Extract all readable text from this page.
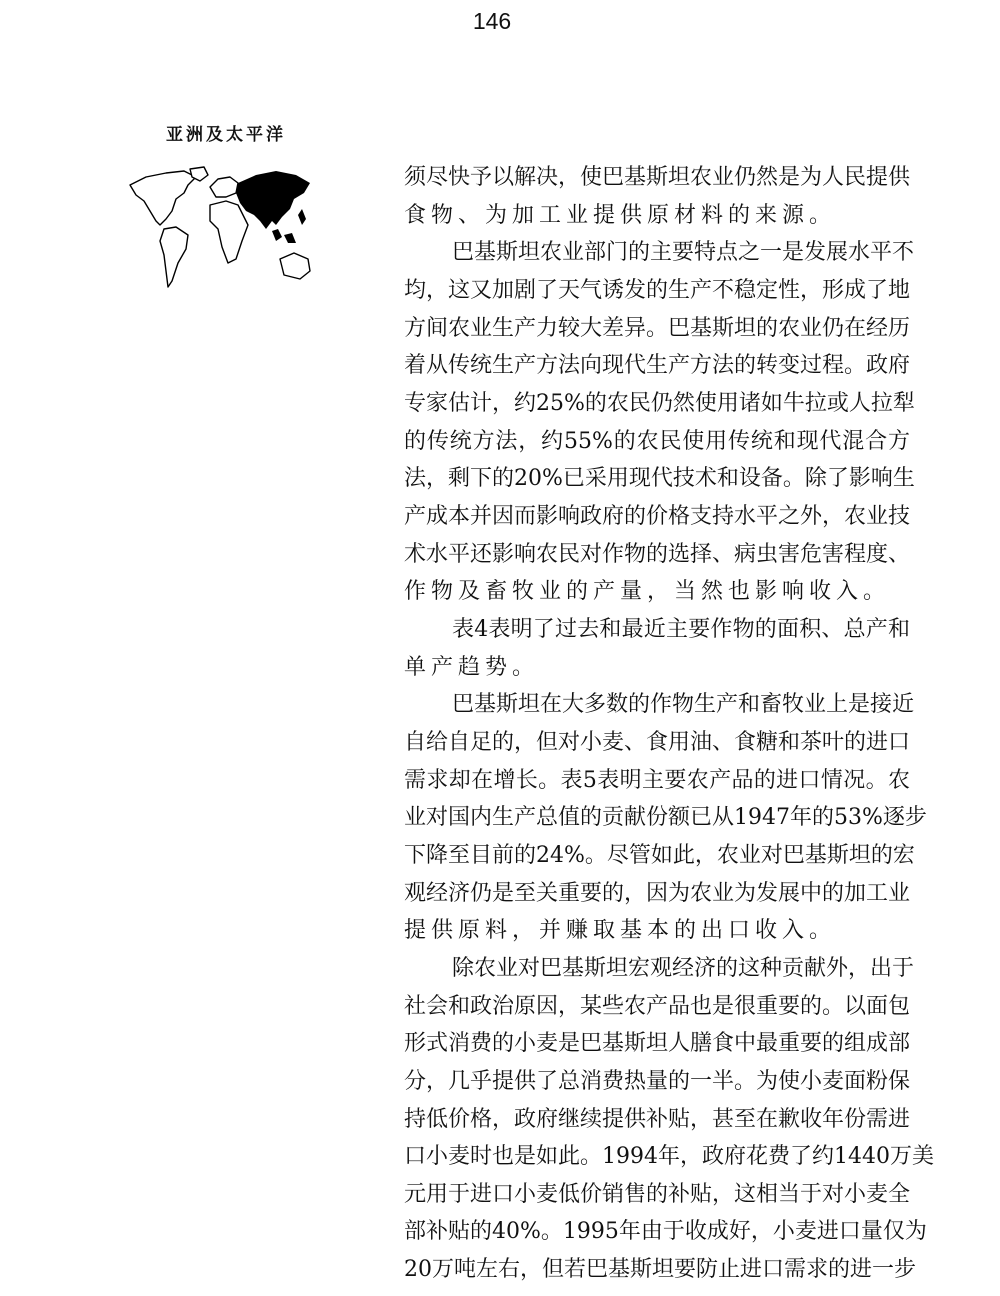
146
亚洲及太平洋
须尽快予以解决，使巴基斯坦农业仍然是为人民提供
食物、为加工业提供原材料的来源。
巴基斯坦农业部门的主要特点之一是发展水平不
均，这又加剧了天气诱发的生产不稳定性，形成了地
方间农业生产力较大差异。巴基斯坦的农业仍在经历
着从传统生产方法向现代生产方法的转变过程。政府
专家估计，约25%的农民仍然使用诸如牛拉或人拉犁
的传统方法，约55%的农民使用传统和现代混合方
法，剩下的20%已采用现代技术和设备。除了影响生
产成本并因而影响政府的价格支持水平之外，农业技
术水平还影响农民对作物的选择、病虫害危害程度、
作物及畜牧业的产量，当然也影响收入。
表4表明了过去和最近主要作物的面积、总产和
单产趋势。
巴基斯坦在大多数的作物生产和畜牧业上是接近
自给自足的，但对小麦、食用油、食糖和茶叶的进口
需求却在增长。表5表明主要农产品的进口情况。农
业对国内生产总值的贡献份额已从1947年的53%逐步
下降至目前的24%。尽管如此，农业对巴基斯坦的宏
观经济仍是至关重要的，因为农业为发展中的加工业
提供原料，并赚取基本的出口收入。
除农业对巴基斯坦宏观经济的这种贡献外，出于
社会和政治原因，某些农产品也是很重要的。以面包
形式消费的小麦是巴基斯坦人膳食中最重要的组成部
分，几乎提供了总消费热量的一半。为使小麦面粉保
持低价格，政府继续提供补贴，甚至在歉收年份需进
口小麦时也是如此。1994年，政府花费了约1440万美
元用于进口小麦低价销售的补贴，这相当于对小麦全
部补贴的40%。1995年由于收成好，小麦进口量仅为
20万吨左右，但若巴基斯坦要防止进口需求的进一步
